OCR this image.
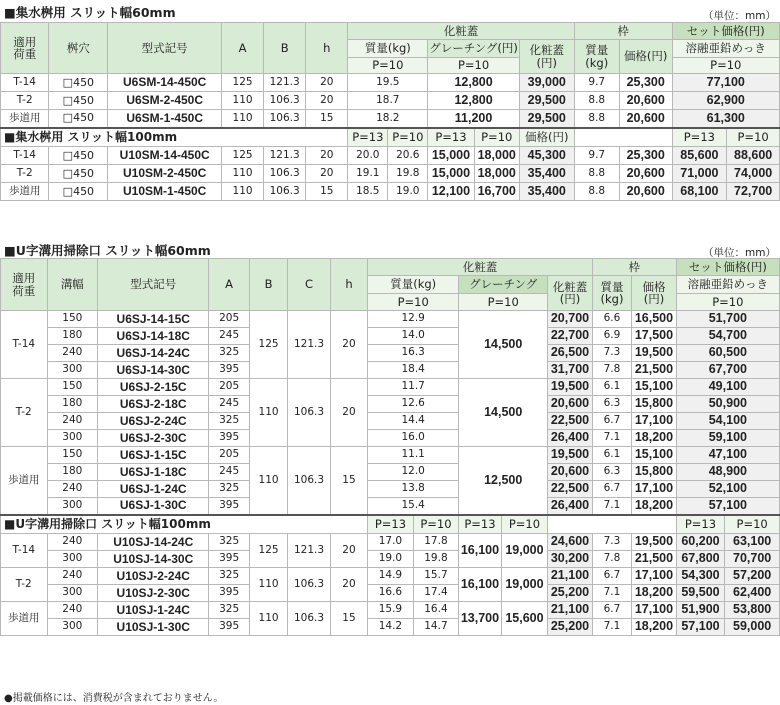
■集水桝用 スリット幅60mm	（単位：mm）
適用
荷重	桝穴	型式記号	A	B	h	化粧蓋					枠		セット価格(円)	
						質量(kg)		グレーチング(円)		化粧蓋
(円)	質量
(kg)	価格(円)	溶融亜鉛めっき	
						P=10		P=10					P=10	
T-14	□450	U6SM-14-450C	125	121.3	20	19.5		12,800		39,000	9.7	25,300	77,100	
T-2	□450	U6SM-2-450C	110	106.3	20	18.7		12,800		29,500	8.8	20,600	62,900	
歩道用	□450	U6SM-1-450C	110	106.3	15	18.2		11,200		29,500	8.8	20,600	61,300	
■集水桝用 スリット幅100mm						P=13	P=10	P=13	P=10	価格(円)			P=13	P=10
T-14	□450	U10SM-14-450C	125	121.3	20	20.0	20.6	15,000	18,000	45,300	9.7	25,300	85,600	88,600
T-2	□450	U10SM-2-450C	110	106.3	20	19.1	19.8	15,000	18,000	35,400	8.8	20,600	71,000	74,000
歩道用	□450	U10SM-1-450C	110	106.3	15	18.5	19.0	12,100	16,700	35,400	8.8	20,600	68,100	72,700
■U字溝用掃除口 スリット幅60mm	（単位：mm）
適用
荷重	溝幅	型式記号	A	B	C	h	化粧蓋					枠		セット価格(円)	
							質量(kg)		グレーチング		化粧蓋
(円)	質量
(kg)	価格
(円)	溶融亜鉛めっき	
							P=10		P=10					P=10	
T-14	150	U6SJ-14-15C	205	125	121.3	20	12.9		14,500		20,700	6.6	16,500	51,700	
	180	U6SJ-14-18C	245				14.0				22,700	6.9	17,500	54,700	
	240	U6SJ-14-24C	325				16.3				26,500	7.3	19,500	60,500	
	300	U6SJ-14-30C	395				18.4				31,700	7.8	21,500	67,700	
T-2	150	U6SJ-2-15C	205	110	106.3	20	11.7		14,500		19,500	6.1	15,100	49,100	
	180	U6SJ-2-18C	245				12.6				20,600	6.3	15,800	50,900	
	240	U6SJ-2-24C	325				14.4				22,500	6.7	17,100	54,100	
	300	U6SJ-2-30C	395				16.0				26,400	7.1	18,200	59,100	
歩道用	150	U6SJ-1-15C	205	110	106.3	15	11.1		12,500		19,500	6.1	15,100	47,100	
	180	U6SJ-1-18C	245				12.0				20,600	6.3	15,800	48,900	
	240	U6SJ-1-24C	325				13.8				22,500	6.7	17,100	52,100	
	300	U6SJ-1-30C	395				15.4				26,400	7.1	18,200	57,100	
■U字溝用掃除口 スリット幅100mm							P=13	P=10	P=13	P=10				P=13	P=10
T-14	240	U10SJ-14-24C	325	125	121.3	20	17.0	17.8	16,100	19,000	24,600	7.3	19,500	60,200	63,100
	300	U10SJ-14-30C	395				19.0	19.8			30,200	7.8	21,500	67,800	70,700
T-2	240	U10SJ-2-24C	325	110	106.3	20	14.9	15.7	16,100	19,000	21,100	6.7	17,100	54,300	57,200
	300	U10SJ-2-30C	395				16.6	17.4			25,200	7.1	18,200	59,500	62,400
歩道用	240	U10SJ-1-24C	325	110	106.3	15	15.9	16.4	13,700	15,600	21,100	6.7	17,100	51,900	53,800
	300	U10SJ-1-30C	395				14.2	14.7			25,200	7.1	18,200	57,100	59,000
●掲載価格には、消費税が含まれておりません。
